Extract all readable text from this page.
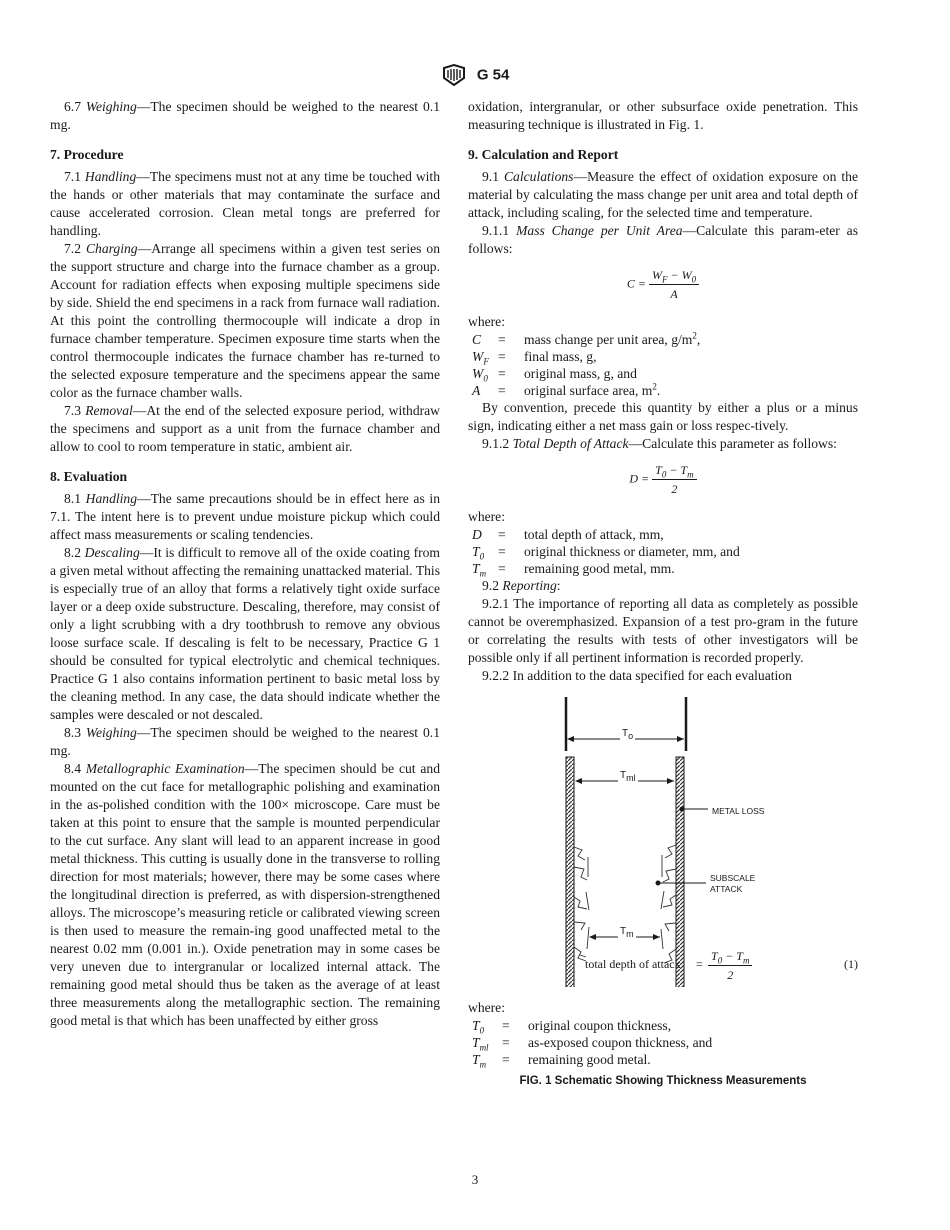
G 54

6.7 Weighing—The specimen should be weighed to the nearest 0.1 mg.

7. Procedure

7.1 Handling—The specimens must not at any time be touched with the hands or other materials that may contaminate the surface and cause accelerated corrosion. Clean metal tongs are preferred for handling.

7.2 Charging—Arrange all specimens within a given test series on the support structure and charge into the furnace chamber as a group. Account for radiation effects when exposing multiple specimens side by side. Shield the end specimens in a rack from furnace wall radiation. At this point the controlling thermocouple will indicate a drop in furnace chamber temperature. Specimen exposure time starts when the control thermocouple indicates the furnace chamber has re-turned to the selected exposure temperature and the specimens appear the same color as the furnace chamber walls.

7.3 Removal—At the end of the selected exposure period, withdraw the specimens and support as a unit from the furnace chamber and allow to cool to room temperature in static, ambient air.

8. Evaluation

8.1 Handling—The same precautions should be in effect here as in 7.1. The intent here is to prevent undue moisture pickup which could affect mass measurements or scaling tendencies.

8.2 Descaling—It is difficult to remove all of the oxide coating from a given metal without affecting the remaining unattacked material. This is especially true of an alloy that forms a relatively tight oxide surface layer or a deep oxide substructure. Descaling, therefore, may consist of only a light scrubbing with a dry toothbrush to remove any obvious loose surface scale. If descaling is felt to be necessary, Practice G 1 should be consulted for typical electrolytic and chemical techniques. Practice G 1 also contains information pertinent to basic metal loss by the cleaning method. In any case, the data should indicate whether the samples were descaled or not descaled.

8.3 Weighing—The specimen should be weighed to the nearest 0.1 mg.

8.4 Metallographic Examination—The specimen should be cut and mounted on the cut face for metallographic polishing and examination in the as-polished condition with the 100× microscope. Care must be taken at this point to ensure that the sample is mounted perpendicular to the cut surface. Any slant will lead to an apparent increase in good metal thickness. This cutting is usually done in the transverse to rolling direction for most materials; however, there may be some cases where the longitudinal direction is preferred, as with dispersion-strengthened alloys. The microscope’s measuring reticle or calibrated viewing screen is then used to measure the remain-ing good unaffected metal to the nearest 0.02 mm (0.001 in.). Oxide penetration may in some cases be very uneven due to intergranular or localized internal attack. The remaining good metal should thus be taken as the average of at least three measurements along the metallographic section. The remaining good metal is that which has been unaffected by either gross

oxidation, intergranular, or other subsurface oxide penetration. This measuring technique is illustrated in Fig. 1.

9. Calculation and Report

9.1 Calculations—Measure the effect of oxidation exposure on the material by calculating the mass change per unit area and total depth of attack, including scaling, for the selected time and temperature.

9.1.1 Mass Change per Unit Area—Calculate this param-eter as follows:

$C = \frac{W_F - W_0}{A}$

where:

C	=	mass change per unit area, $g/m^2$,
$W_F$	=	final mass, g,
$W_0$	=	original mass, g, and
A	=	original surface area, $m^2$.

By convention, precede this quantity by either a plus or a minus sign, indicating either a net mass gain or loss respec-tively.

9.1.2 Total Depth of Attack—Calculate this parameter as follows:

$D = \frac{T_0 - T_m}{2}$

where:

D	=	total depth of attack, mm,
$T_0$	=	original thickness or diameter, mm, and
$T_m$	=	remaining good metal, mm.

9.2 Reporting:

9.2.1 The importance of reporting all data as completely as possible cannot be overemphasized. Expansion of a test pro-gram in the future or correlating the results with tests of other investigators will be possible only if all pertinent information is recorded properly.

9.2.2 In addition to the data specified for each evaluation

$T_o$
$T_{ml}$
$T_m$
METAL LOSS
SUBSCALE
ATTACK
total depth of attack = $\frac{T_0 - T_m}{2}$	(1)

where:

$T_0$	=	original coupon thickness,
$T_{ml}$	=	as-exposed coupon thickness, and
$T_m$	=	remaining good metal.
FIG. 1 Schematic Showing Thickness Measurements
3
